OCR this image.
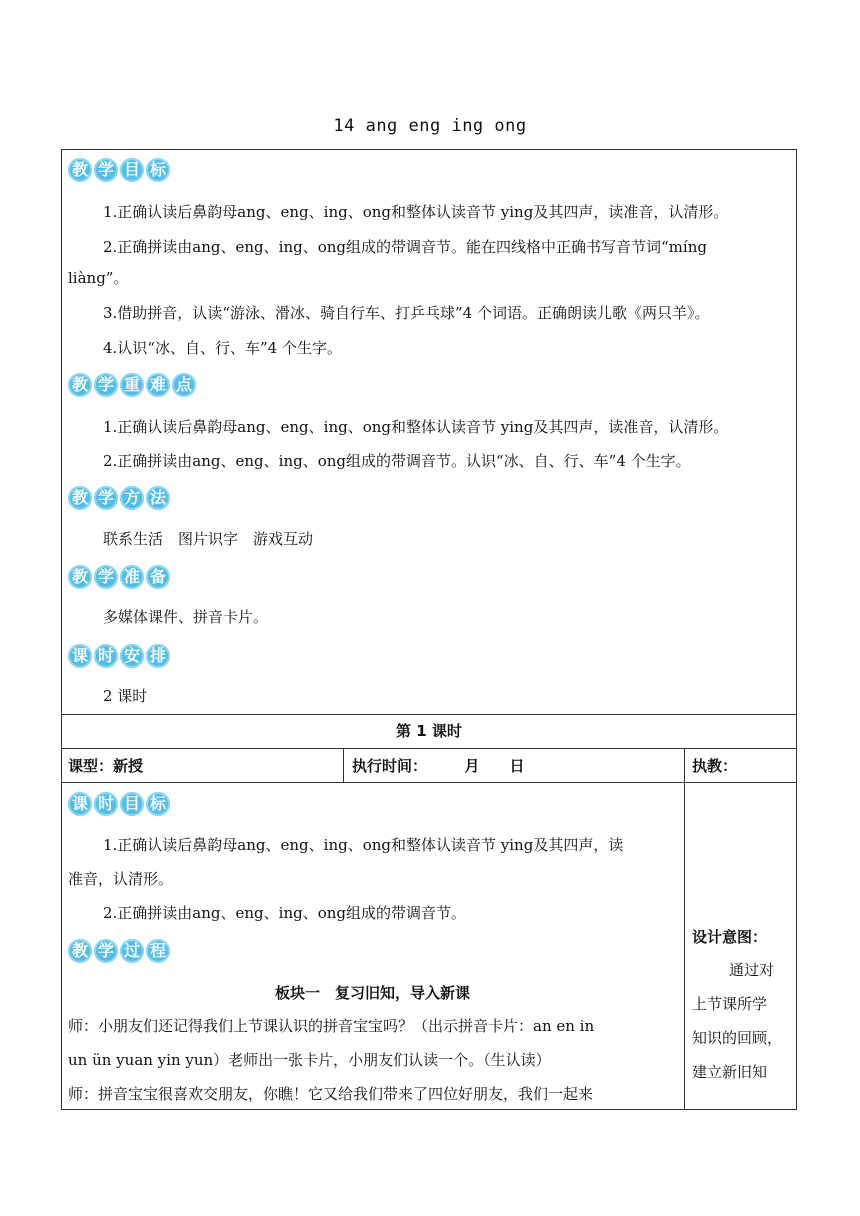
14 ang eng ing ong
教 学 目 标
1.正确认读后鼻韵母ang、eng、ing、ong和整体认读音节 ying及其四声，读准音，认清形。
2.正确拼读由ang、eng、ing、ong组成的带调音节。能在四线格中正确书写音节词“míng
liàng”。
3.借助拼音，认读“游泳、滑冰、骑自行车、打乒乓球”4 个词语。正确朗读儿歌《两只羊》。
4.认识“冰、自、行、车”4 个生字。
教 学 重 难 点
1.正确认读后鼻韵母ang、eng、ing、ong和整体认读音节 ying及其四声，读准音，认清形。
2.正确拼读由ang、eng、ing、ong组成的带调音节。认识“冰、自、行、车”4 个生字。
教 学 方 法
联系生活　图片识字　游戏互动
教 学 准 备
多媒体课件、拼音卡片。
课 时 安 排
2 课时
第 1 课时
课型：新授	执行时间：　　　月　　日	执教：
课 时 目 标
1.正确认读后鼻韵母ang、eng、ing、ong和整体认读音节 ying及其四声，读
准音，认清形。
2.正确拼读由ang、eng、ing、ong组成的带调音节。
教 学 过 程
板块一　复习旧知，导入新课
师：小朋友们还记得我们上节课认识的拼音宝宝吗？（出示拼音卡片：an en in
un ün yuan yin yun）老师出一张卡片，小朋友们认读一个。（生认读）
师：拼音宝宝很喜欢交朋友，你瞧！它又给我们带来了四位好朋友，我们一起来
设计意图：
通过对
上节课所学
知识的回顾，
建立新旧知
